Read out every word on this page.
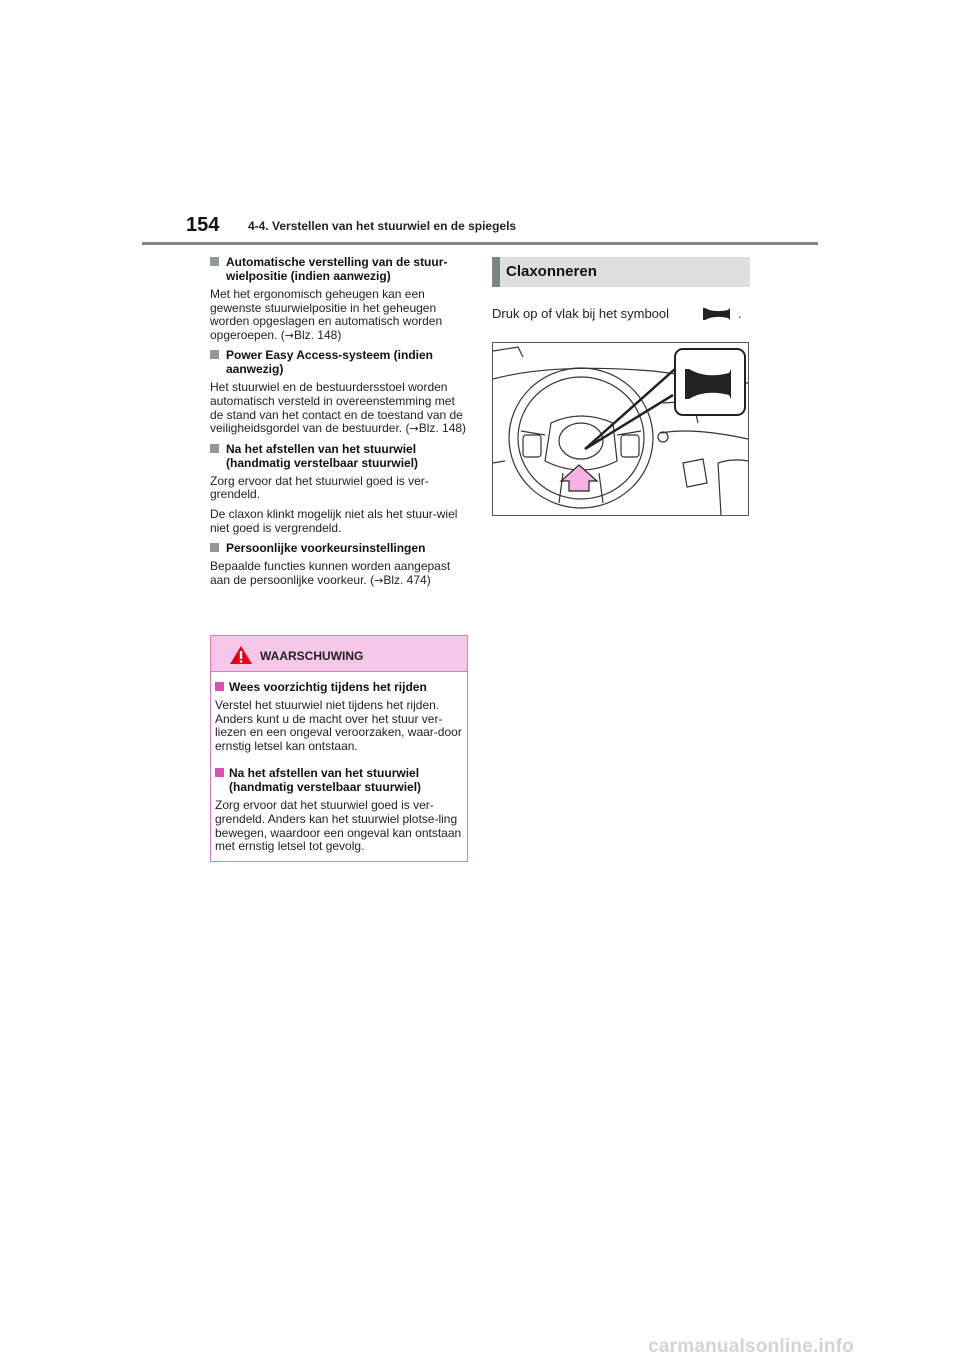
154 4-4. Verstellen van het stuurwiel en de spiegels
Automatische verstelling van de stuur-wielpositie (indien aanwezig)

Met het ergonomisch geheugen kan een gewenste stuurwielpositie in het geheugen worden opgeslagen en automatisch worden opgeroepen. (→Blz. 148)

Power Easy Access-systeem (indien aanwezig)

Het stuurwiel en de bestuurdersstoel worden automatisch versteld in overeenstemming met de stand van het contact en de toestand van de veiligheidsgordel van de bestuurder. (→Blz. 148)

Na het afstellen van het stuurwiel (handmatig verstelbaar stuurwiel)

Zorg ervoor dat het stuurwiel goed is ver-grendeld.

De claxon klinkt mogelijk niet als het stuur-wiel niet goed is vergrendeld.

Persoonlijke voorkeursinstellingen

Bepaalde functies kunnen worden aangepast aan de persoonlijke voorkeur. (→Blz. 474)

WAARSCHUWING
Wees voorzichtig tijdens het rijden

Verstel het stuurwiel niet tijdens het rijden. Anders kunt u de macht over het stuur ver-liezen en een ongeval veroorzaken, waar-door ernstig letsel kan ontstaan.

Na het afstellen van het stuurwiel (handmatig verstelbaar stuurwiel)

Zorg ervoor dat het stuurwiel goed is ver-grendeld. Anders kan het stuurwiel plotse-ling bewegen, waardoor een ongeval kan ontstaan met ernstig letsel tot gevolg.

Claxonneren
Druk op of vlak bij het symbool	.
carmanualsonline.info
